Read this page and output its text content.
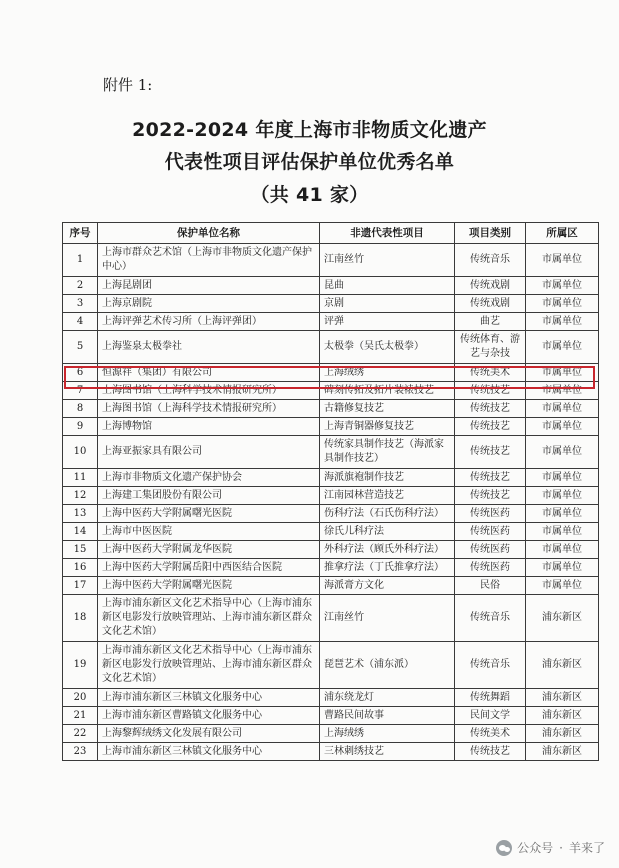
附件 1:
2022-2024 年度上海市非物质文化遗产
代表性项目评估保护单位优秀名单
（共 41 家）
序号	保护单位名称	非遗代表性项目	项目类别	所属区
1	上海市群众艺术馆（上海市非物质文化遗产保护中心）	江南丝竹	传统音乐	市属单位
2	上海昆剧团	昆曲	传统戏剧	市属单位
3	上海京剧院	京剧	传统戏剧	市属单位
4	上海评弹艺术传习所（上海评弹团）	评弹	曲艺	市属单位
5	上海鉴泉太极拳社	太极拳（吴氏太极拳）	传统体育、游艺与杂技	市属单位
6	恒源祥（集团）有限公司	上海绒绣	传统美术	市属单位
7	上海图书馆（上海科学技术情报研究所）	碑刻传拓及拓片装裱技艺	传统技艺	市属单位
8	上海图书馆（上海科学技术情报研究所）	古籍修复技艺	传统技艺	市属单位
9	上海博物馆	上海青铜器修复技艺	传统技艺	市属单位
10	上海亚振家具有限公司	传统家具制作技艺（海派家具制作技艺）	传统技艺	市属单位
11	上海市非物质文化遗产保护协会	海派旗袍制作技艺	传统技艺	市属单位
12	上海建工集团股份有限公司	江南园林营造技艺	传统技艺	市属单位
13	上海中医药大学附属曙光医院	伤科疗法（石氏伤科疗法）	传统医药	市属单位
14	上海市中医医院	徐氏儿科疗法	传统医药	市属单位
15	上海中医药大学附属龙华医院	外科疗法（顾氏外科疗法）	传统医药	市属单位
16	上海中医药大学附属岳阳中西医结合医院	推拿疗法（丁氏推拿疗法）	传统医药	市属单位
17	上海中医药大学附属曙光医院	海派膏方文化	民俗	市属单位
18	上海市浦东新区文化艺术指导中心（上海市浦东新区电影发行放映管理站、上海市浦东新区群众文化艺术馆）	江南丝竹	传统音乐	浦东新区
19	上海市浦东新区文化艺术指导中心（上海市浦东新区电影发行放映管理站、上海市浦东新区群众文化艺术馆）	琵琶艺术（浦东派）	传统音乐	浦东新区
20	上海市浦东新区三林镇文化服务中心	浦东绕龙灯	传统舞蹈	浦东新区
21	上海市浦东新区曹路镇文化服务中心	曹路民间故事	民间文学	浦东新区
22	上海黎辉绒绣文化发展有限公司	上海绒绣	传统美术	浦东新区
23	上海市浦东新区三林镇文化服务中心	三林刺绣技艺	传统技艺	浦东新区
公众号 · 羊来了
